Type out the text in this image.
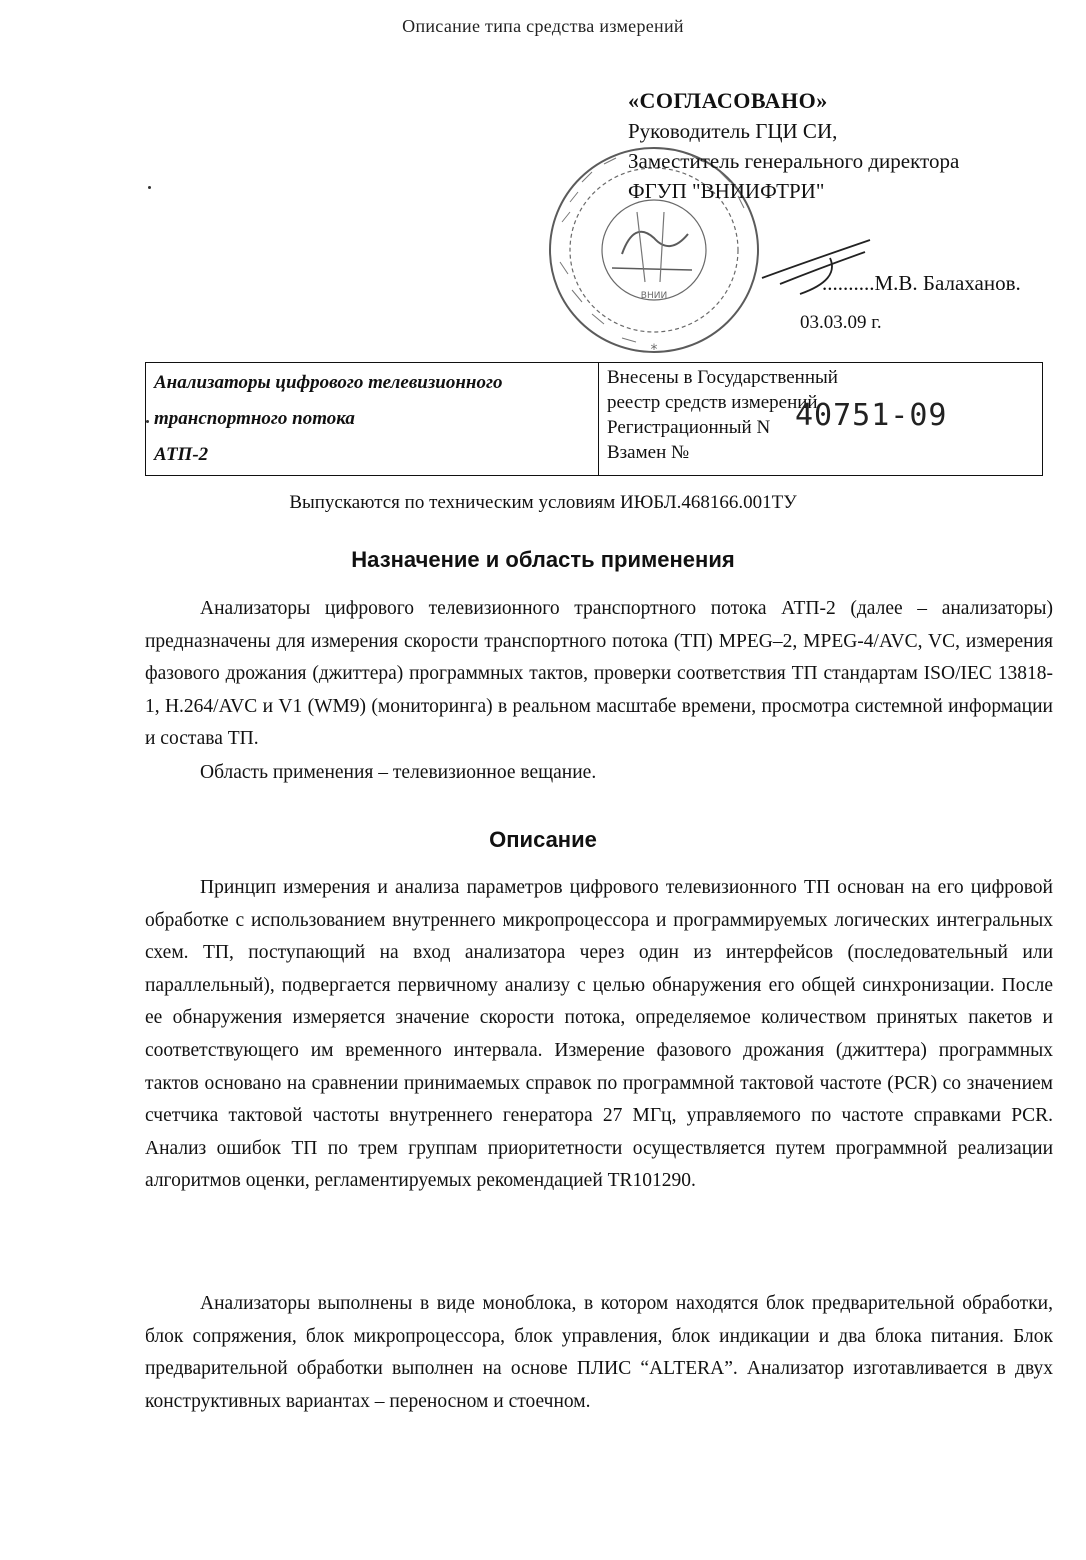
Описание типа средства измерений
ВНИИ
*
«СОГЛАСОВАНО»
Руководитель ГЦИ СИ,
Заместитель генерального директора
ФГУП "ВНИИФТРИ"
..........М.В. Балаханов.
03.03.09 г.
Анализаторы цифрового телевизионного
транспортного потока
АТП-2

Внесены в Государственный
реестр средств измерений
Регистрационный N
Взамен №
40751-09
Выпускаются по техническим условиям ИЮБЛ.468166.001ТУ
Назначение и область применения

Анализаторы цифрового телевизионного транспортного потока АТП-2 (далее – анализаторы) предназначены для измерения скорости транспортного потока (ТП) MPEG–2, MPEG-4/AVC, VC, измерения фазового дрожания (джиттера) программных тактов, проверки соответствия ТП стандартам ISO/IEC 13818-1, H.264/AVC и V1 (WM9) (мониторинга) в реальном масштабе времени, просмотра системной информации и состава ТП.

Область применения – телевизионное вещание.

Описание

Принцип измерения и анализа параметров цифрового телевизионного ТП основан на его цифровой обработке с использованием внутреннего микропроцессора и программируемых логических интегральных схем. ТП, поступающий на вход анализатора через один из интерфейсов (последовательный или параллельный), подвергается первичному анализу с целью обнаружения его общей синхронизации. После ее обнаружения измеряется значение скорости потока, определяемое количеством принятых пакетов и соответствующего им временного интервала. Измерение фазового дрожания (джиттера) программных тактов основано на сравнении принимаемых справок по программной тактовой частоте (PCR) со значением счетчика тактовой частоты внутреннего генератора 27 МГц, управляемого по частоте справками PCR. Анализ ошибок ТП по трем группам приоритетности осуществляется путем программной реализации алгоритмов оценки, регламентируемых рекомендацией TR101290.

Анализаторы выполнены в виде моноблока, в котором находятся блок предварительной обработки, блок сопряжения, блок микропроцессора, блок управления, блок индикации и два блока питания. Блок предварительной обработки выполнен на основе ПЛИС “ALTERA”. Анализатор изготавливается в двух конструктивных вариантах – переносном и стоечном.
